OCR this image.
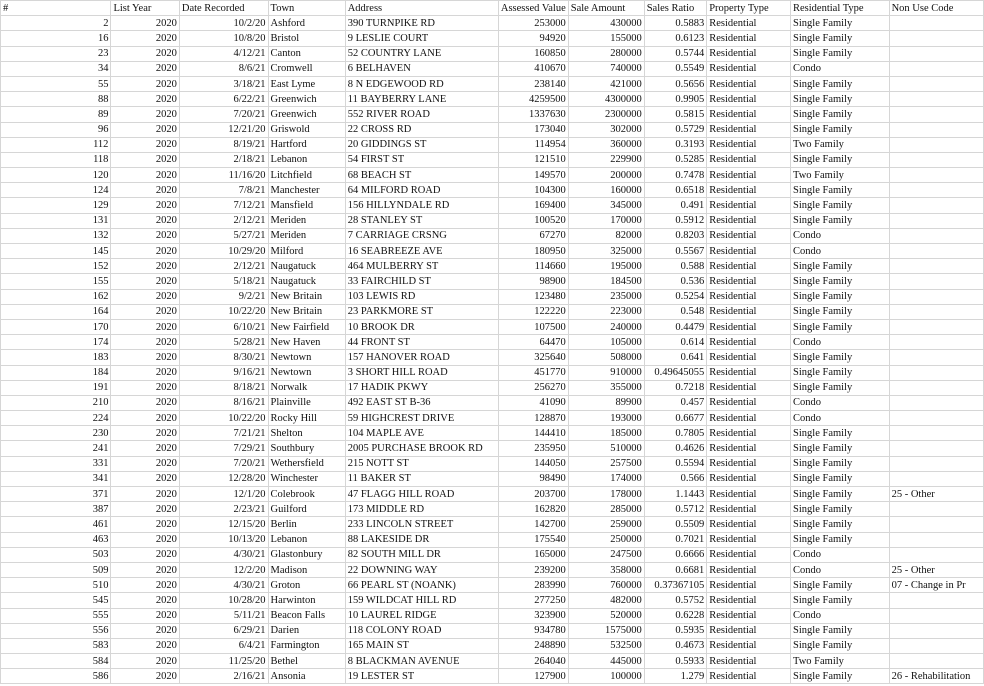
#	List Year	Date Recorded	Town	Address	Assessed Value	Sale Amount	Sales Ratio	Property Type	Residential Type	Non Use Code
2	2020	10/2/20	Ashford	390 TURNPIKE RD	253000	430000	0.5883	Residential	Single Family	
16	2020	10/8/20	Bristol	9 LESLIE COURT	94920	155000	0.6123	Residential	Single Family	
23	2020	4/12/21	Canton	52 COUNTRY LANE	160850	280000	0.5744	Residential	Single Family	
34	2020	8/6/21	Cromwell	6 BELHAVEN	410670	740000	0.5549	Residential	Condo	
55	2020	3/18/21	East Lyme	8 N EDGEWOOD RD	238140	421000	0.5656	Residential	Single Family	
88	2020	6/22/21	Greenwich	11 BAYBERRY LANE	4259500	4300000	0.9905	Residential	Single Family	
89	2020	7/20/21	Greenwich	552 RIVER ROAD	1337630	2300000	0.5815	Residential	Single Family	
96	2020	12/21/20	Griswold	22 CROSS RD	173040	302000	0.5729	Residential	Single Family	
112	2020	8/19/21	Hartford	20 GIDDINGS ST	114954	360000	0.3193	Residential	Two Family	
118	2020	2/18/21	Lebanon	54 FIRST ST	121510	229900	0.5285	Residential	Single Family	
120	2020	11/16/20	Litchfield	68 BEACH ST	149570	200000	0.7478	Residential	Two Family	
124	2020	7/8/21	Manchester	64 MILFORD ROAD	104300	160000	0.6518	Residential	Single Family	
129	2020	7/12/21	Mansfield	156 HILLYNDALE RD	169400	345000	0.491	Residential	Single Family	
131	2020	2/12/21	Meriden	28 STANLEY ST	100520	170000	0.5912	Residential	Single Family	
132	2020	5/27/21	Meriden	7 CARRIAGE CRSNG	67270	82000	0.8203	Residential	Condo	
145	2020	10/29/20	Milford	16 SEABREEZE AVE	180950	325000	0.5567	Residential	Condo	
152	2020	2/12/21	Naugatuck	464 MULBERRY ST	114660	195000	0.588	Residential	Single Family	
155	2020	5/18/21	Naugatuck	33 FAIRCHILD ST	98900	184500	0.536	Residential	Single Family	
162	2020	9/2/21	New Britain	103 LEWIS RD	123480	235000	0.5254	Residential	Single Family	
164	2020	10/22/20	New Britain	23 PARKMORE ST	122220	223000	0.548	Residential	Single Family	
170	2020	6/10/21	New Fairfield	10 BROOK DR	107500	240000	0.4479	Residential	Single Family	
174	2020	5/28/21	New Haven	44 FRONT ST	64470	105000	0.614	Residential	Condo	
183	2020	8/30/21	Newtown	157 HANOVER ROAD	325640	508000	0.641	Residential	Single Family	
184	2020	9/16/21	Newtown	3 SHORT HILL ROAD	451770	910000	0.49645055	Residential	Single Family	
191	2020	8/18/21	Norwalk	17 HADIK PKWY	256270	355000	0.7218	Residential	Single Family	
210	2020	8/16/21	Plainville	492 EAST ST B-36	41090	89900	0.457	Residential	Condo	
224	2020	10/22/20	Rocky Hill	59 HIGHCREST DRIVE	128870	193000	0.6677	Residential	Condo	
230	2020	7/21/21	Shelton	104 MAPLE AVE	144410	185000	0.7805	Residential	Single Family	
241	2020	7/29/21	Southbury	2005 PURCHASE BROOK RD	235950	510000	0.4626	Residential	Single Family	
331	2020	7/20/21	Wethersfield	215 NOTT ST	144050	257500	0.5594	Residential	Single Family	
341	2020	12/28/20	Winchester	11 BAKER ST	98490	174000	0.566	Residential	Single Family	
371	2020	12/1/20	Colebrook	47 FLAGG HILL ROAD	203700	178000	1.1443	Residential	Single Family	25 - Other
387	2020	2/23/21	Guilford	173 MIDDLE RD	162820	285000	0.5712	Residential	Single Family	
461	2020	12/15/20	Berlin	233 LINCOLN STREET	142700	259000	0.5509	Residential	Single Family	
463	2020	10/13/20	Lebanon	88 LAKESIDE DR	175540	250000	0.7021	Residential	Single Family	
503	2020	4/30/21	Glastonbury	82 SOUTH MILL DR	165000	247500	0.6666	Residential	Condo	
509	2020	12/2/20	Madison	22 DOWNING WAY	239200	358000	0.6681	Residential	Condo	25 - Other
510	2020	4/30/21	Groton	66 PEARL ST (NOANK)	283990	760000	0.37367105	Residential	Single Family	07 - Change in Pr
545	2020	10/28/20	Harwinton	159 WILDCAT HILL RD	277250	482000	0.5752	Residential	Single Family	
555	2020	5/11/21	Beacon Falls	10 LAUREL RIDGE	323900	520000	0.6228	Residential	Condo	
556	2020	6/29/21	Darien	118 COLONY ROAD	934780	1575000	0.5935	Residential	Single Family	
583	2020	6/4/21	Farmington	165 MAIN ST	248890	532500	0.4673	Residential	Single Family	
584	2020	11/25/20	Bethel	8 BLACKMAN AVENUE	264040	445000	0.5933	Residential	Two Family	
586	2020	2/16/21	Ansonia	19 LESTER ST	127900	100000	1.279	Residential	Single Family	26 - Rehabilitation
